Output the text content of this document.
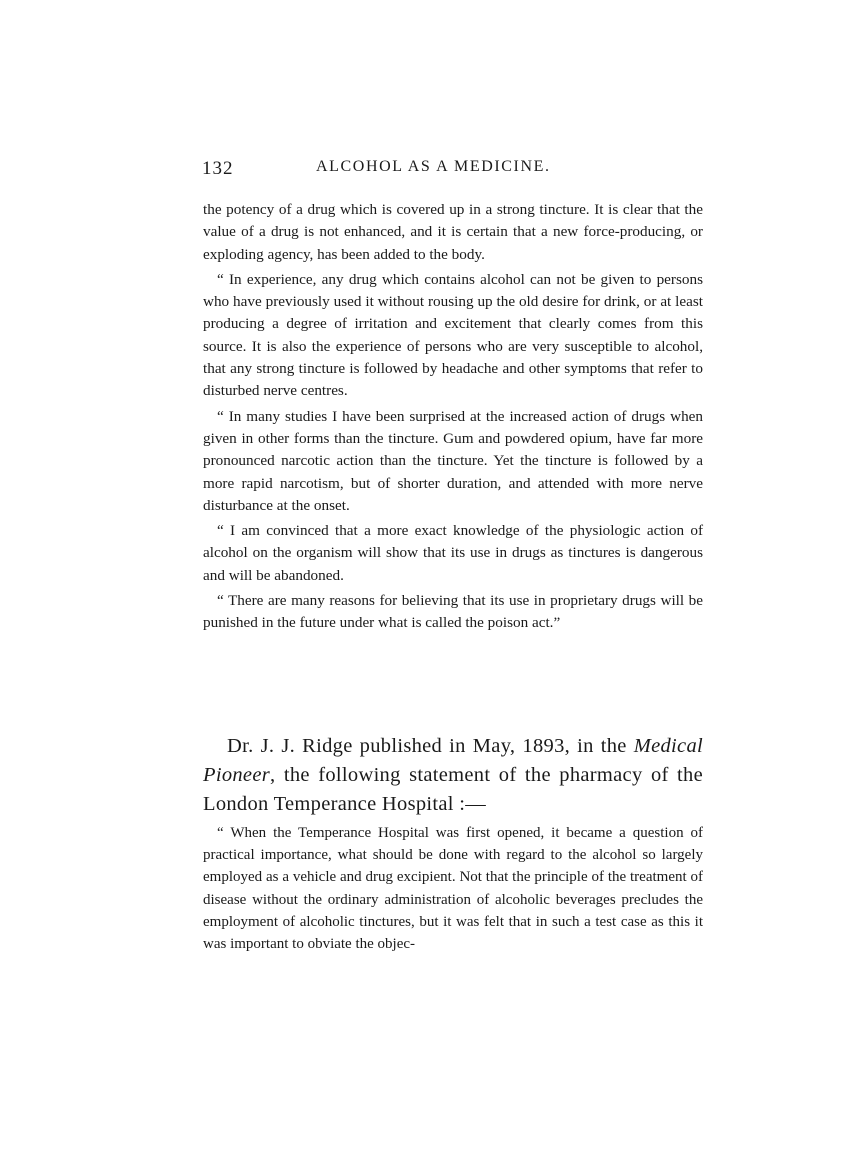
132	ALCOHOL AS A MEDICINE.

the potency of a drug which is covered up in a strong tincture. It is clear that the value of a drug is not enhanced, and it is certain that a new force-producing, or exploding agency, has been added to the body.

“ In experience, any drug which contains alcohol can not be given to persons who have previously used it without rousing up the old desire for drink, or at least producing a degree of irritation and excitement that clearly comes from this source. It is also the experience of persons who are very susceptible to alcohol, that any strong tincture is followed by headache and other symptoms that refer to disturbed nerve centres.

“ In many studies I have been surprised at the increased action of drugs when given in other forms than the tincture. Gum and powdered opium, have far more pronounced narcotic action than the tincture. Yet the tincture is followed by a more rapid narcotism, but of shorter duration, and attended with more nerve disturbance at the onset.

“ I am convinced that a more exact knowledge of the physiologic action of alcohol on the organism will show that its use in drugs as tinctures is dangerous and will be abandoned.

“ There are many reasons for believing that its use in proprietary drugs will be punished in the future under what is called the poison act.”

Dr. J. J. Ridge published in May, 1893, in the Medical Pioneer, the following statement of the pharmacy of the London Temperance Hospital :—

“ When the Temperance Hospital was first opened, it became a question of practical importance, what should be done with regard to the alcohol so largely employed as a vehicle and drug excipient. Not that the principle of the treatment of disease without the ordinary administration of alcoholic beverages precludes the employment of alcoholic tinctures, but it was felt that in such a test case as this it was important to obviate the objec-
